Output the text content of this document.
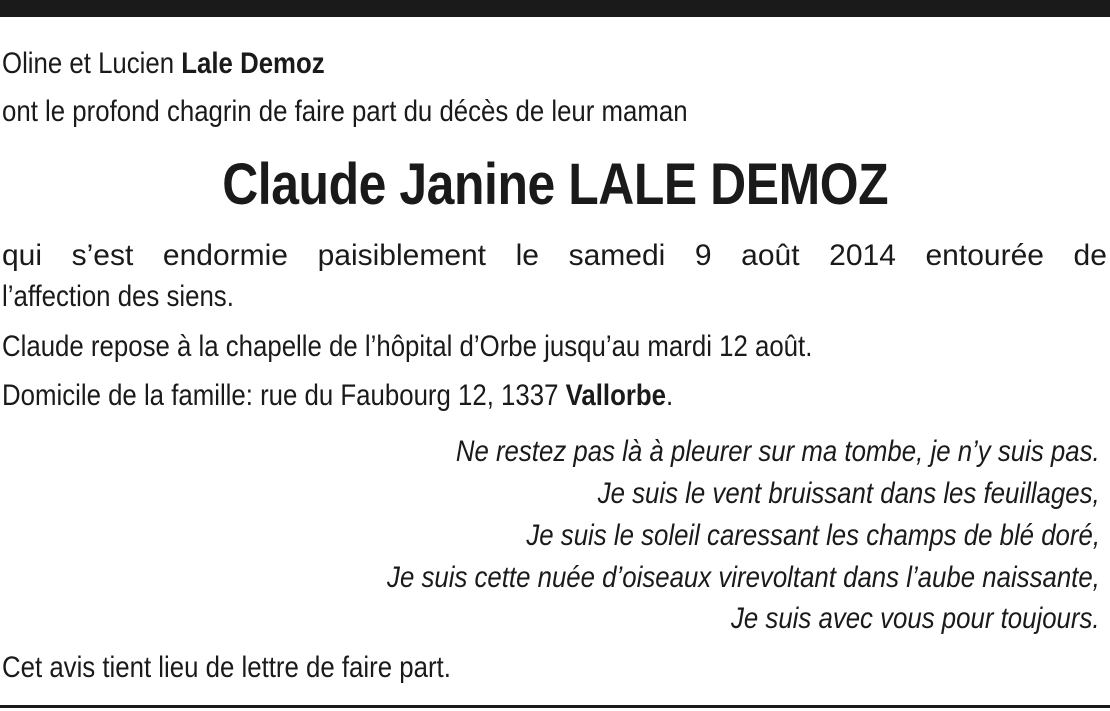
Oline et Lucien Lale Demoz
ont le profond chagrin de faire part du décès de leur maman
Claude Janine LALE DEMOZ
qui s’est endormie paisiblement le samedi 9 août 2014 entourée de
l’affection des siens.
Claude repose à la chapelle de l’hôpital d’Orbe jusqu’au mardi 12 août.
Domicile de la famille: rue du Faubourg 12, 1337 Vallorbe.
Ne restez pas là à pleurer sur ma tombe, je n’y suis pas.
Je suis le vent bruissant dans les feuillages,
Je suis le soleil caressant les champs de blé doré,
Je suis cette nuée d’oiseaux virevoltant dans l’aube naissante,
Je suis avec vous pour toujours.
Cet avis tient lieu de lettre de faire part.
